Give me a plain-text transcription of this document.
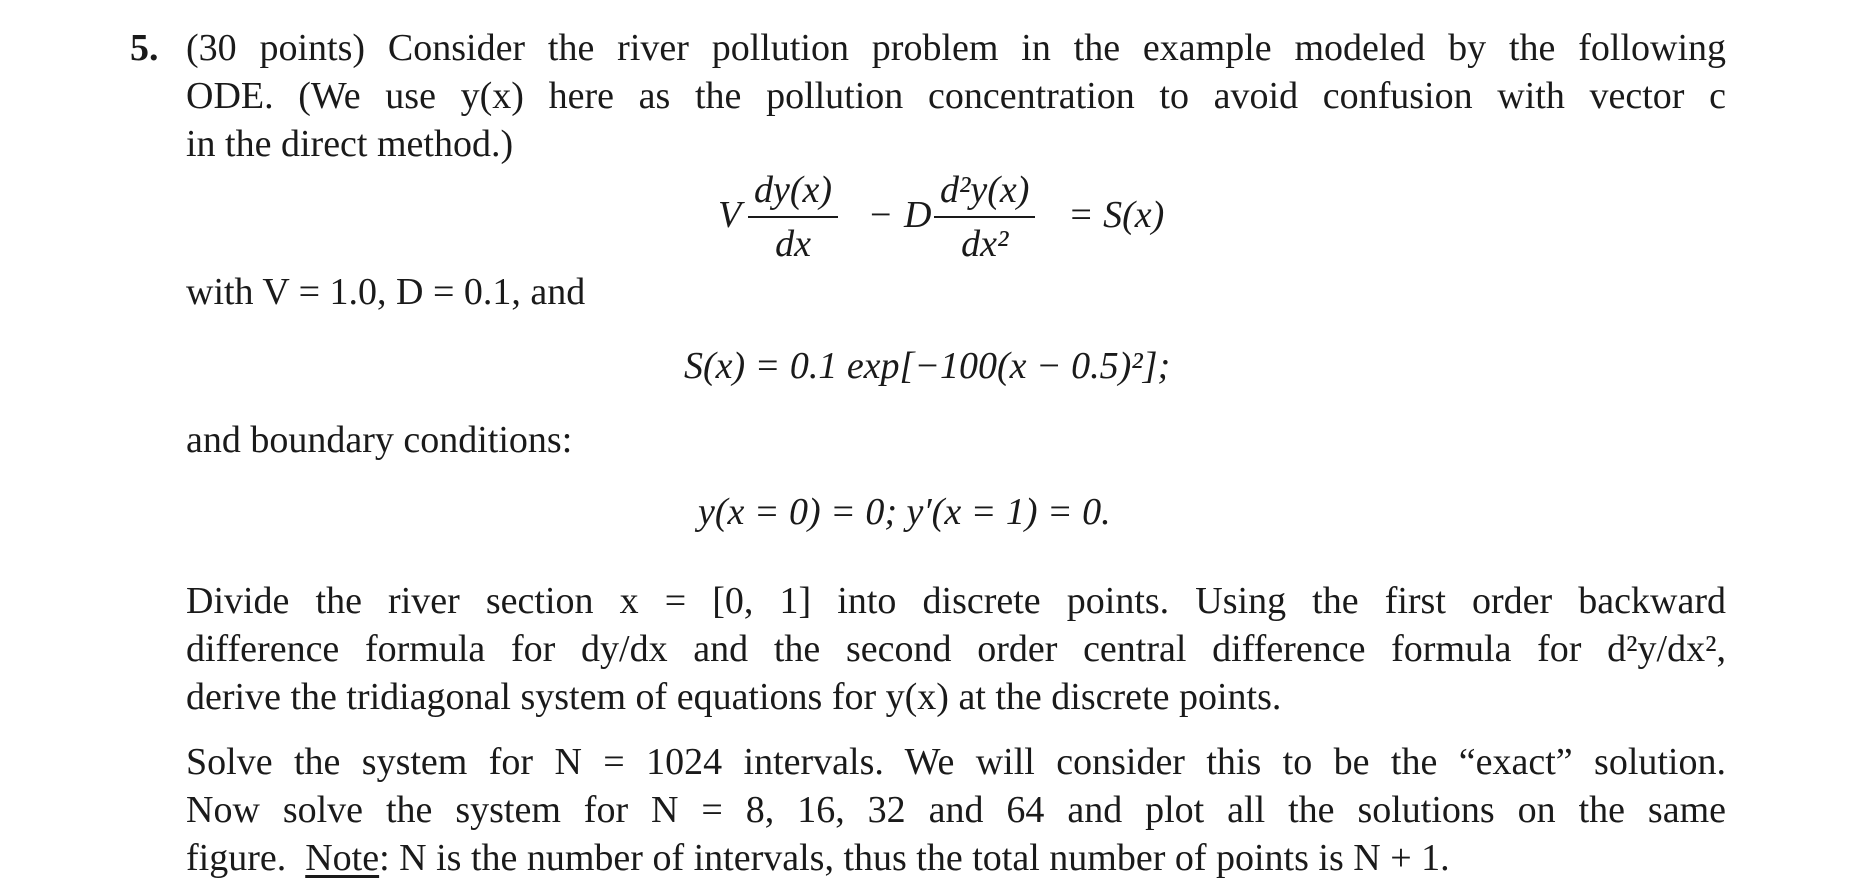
5. (30 points) Consider the river pollution problem in the example modeled by the following
ODE. (We use y(x) here as the pollution concentration to avoid confusion with vector c
in the direct method.)
V
dy(x)
dx
− D
d²y(x)
dx²
= S(x)
with V = 1.0, D = 0.1, and
S(x) = 0.1 exp[−100(x − 0.5)²];
and boundary conditions:
y(x = 0) = 0; y′(x = 1) = 0.
Divide the river section x = [0, 1] into discrete points. Using the first order backward
difference formula for dy/dx and the second order central difference formula for d²y/dx²,
derive the tridiagonal system of equations for y(x) at the discrete points.
Solve the system for N = 1024 intervals. We will consider this to be the “exact” solution.
Now solve the system for N = 8, 16, 32 and 64 and plot all the solutions on the same
figure. Note: N is the number of intervals, thus the total number of points is N + 1.
